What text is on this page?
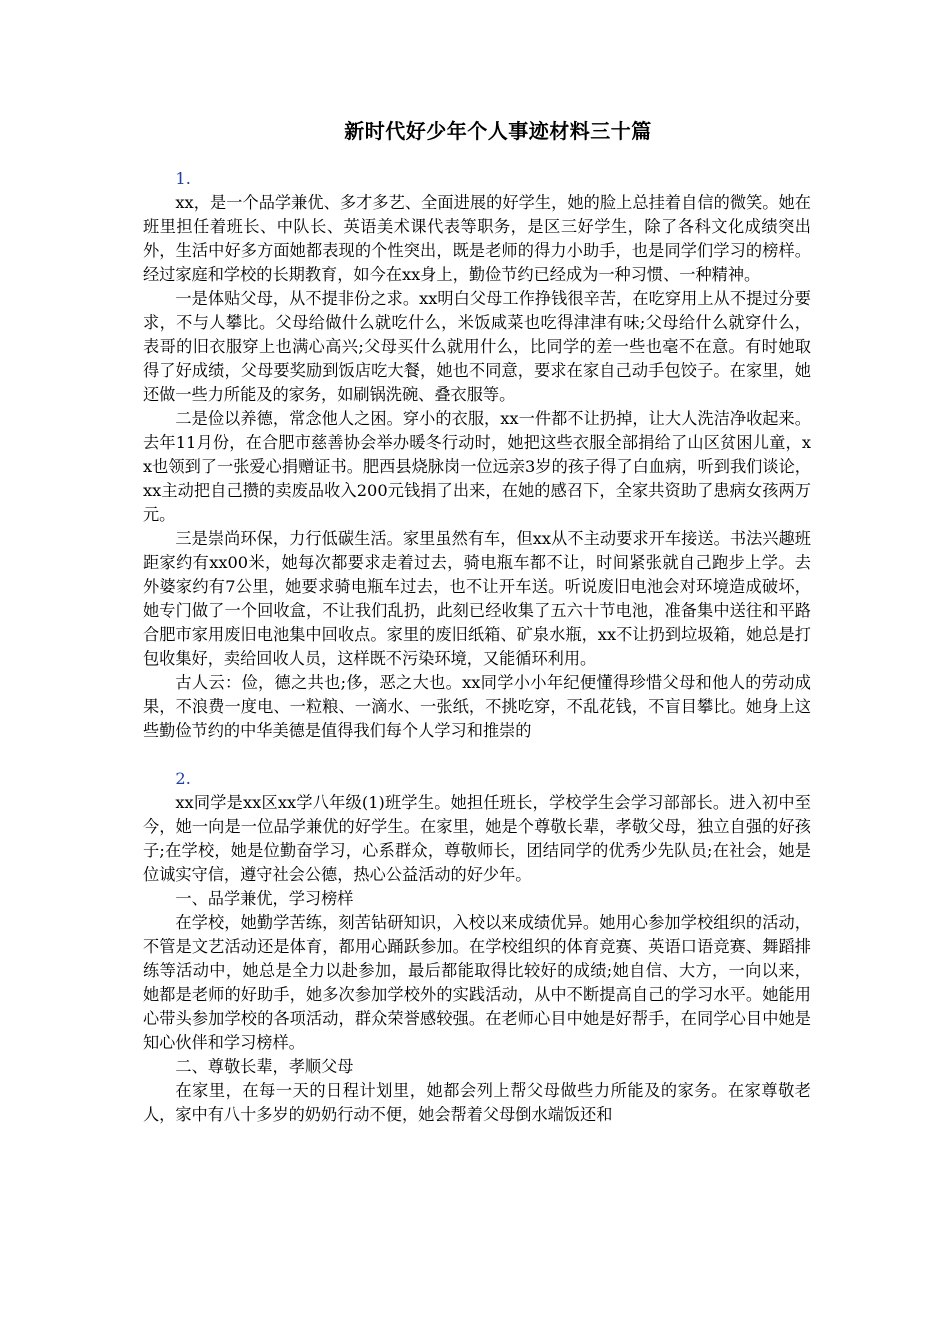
新时代好少年个人事迹材料三十篇
1.

xx，是一个品学兼优、多才多艺、全面进展的好学生，她的脸上总挂着自信的微笑。她在班里担任着班长、中队长、英语美术课代表等职务，是区三好学生，除了各科文化成绩突出外，生活中好多方面她都表现的个性突出，既是老师的得力小助手，也是同学们学习的榜样。经过家庭和学校的长期教育，如今在xx身上，勤俭节约已经成为一种习惯、一种精神。

一是体贴父母，从不提非份之求。xx明白父母工作挣钱很辛苦，在吃穿用上从不提过分要求，不与人攀比。父母给做什么就吃什么，米饭咸菜也吃得津津有味;父母给什么就穿什么，表哥的旧衣服穿上也满心高兴;父母买什么就用什么，比同学的差一些也毫不在意。有时她取得了好成绩，父母要奖励到饭店吃大餐，她也不同意，要求在家自己动手包饺子。在家里，她还做一些力所能及的家务，如刷锅洗碗、叠衣服等。

二是俭以养德，常念他人之困。穿小的衣服，xx一件都不让扔掉，让大人洗洁净收起来。去年11月份，在合肥市慈善协会举办暖冬行动时，她把这些衣服全部捐给了山区贫困儿童，xx也领到了一张爱心捐赠证书。肥西县烧脉岗一位远亲3岁的孩子得了白血病，听到我们谈论，xx主动把自己攒的卖废品收入200元钱捐了出来，在她的感召下，全家共资助了患病女孩两万元。

三是崇尚环保，力行低碳生活。家里虽然有车，但xx从不主动要求开车接送。书法兴趣班距家约有xx00米，她每次都要求走着过去，骑电瓶车都不让，时间紧张就自己跑步上学。去外婆家约有7公里，她要求骑电瓶车过去，也不让开车送。听说废旧电池会对环境造成破坏，她专门做了一个回收盒，不让我们乱扔，此刻已经收集了五六十节电池，准备集中送往和平路合肥市家用废旧电池集中回收点。家里的废旧纸箱、矿泉水瓶，xx不让扔到垃圾箱，她总是打包收集好，卖给回收人员，这样既不污染环境，又能循环利用。

古人云：俭，德之共也;侈，恶之大也。xx同学小小年纪便懂得珍惜父母和他人的劳动成果，不浪费一度电、一粒粮、一滴水、一张纸，不挑吃穿，不乱花钱，不盲目攀比。她身上这些勤俭节约的中华美德是值得我们每个人学习和推崇的

2.

xx同学是xx区xx学八年级(1)班学生。她担任班长，学校学生会学习部部长。进入初中至今，她一向是一位品学兼优的好学生。在家里，她是个尊敬长辈，孝敬父母，独立自强的好孩子;在学校，她是位勤奋学习，心系群众，尊敬师长，团结同学的优秀少先队员;在社会，她是位诚实守信，遵守社会公德，热心公益活动的好少年。

一、品学兼优，学习榜样

在学校，她勤学苦练，刻苦钻研知识，入校以来成绩优异。她用心参加学校组织的活动，不管是文艺活动还是体育，都用心踊跃参加。在学校组织的体育竞赛、英语口语竞赛、舞蹈排练等活动中，她总是全力以赴参加，最后都能取得比较好的成绩;她自信、大方，一向以来，她都是老师的好助手，她多次参加学校外的实践活动，从中不断提高自己的学习水平。她能用心带头参加学校的各项活动，群众荣誉感较强。在老师心目中她是好帮手，在同学心目中她是知心伙伴和学习榜样。

二、尊敬长辈，孝顺父母

在家里，在每一天的日程计划里，她都会列上帮父母做些力所能及的家务。在家尊敬老人，家中有八十多岁的奶奶行动不便，她会帮着父母倒水端饭还和
